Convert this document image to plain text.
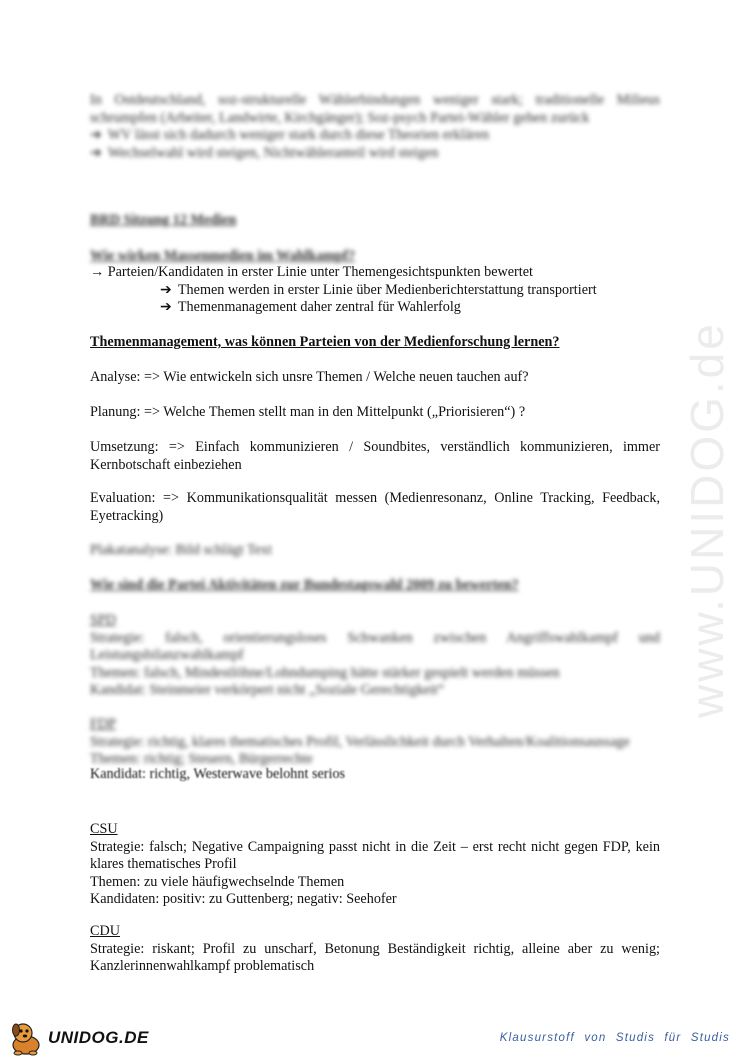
In Ostdeutschland, soz-strukturelle Wählerbindungen weniger stark; traditionelle Milieus schrumpfen (Arbeiter, Landwirte, Kirchgänger); Soz-psych Partei-Wähler gehen zurück
➔ WV lässt sich dadurch weniger stark durch diese Theorien erklären
➔ Wechselwahl wird steigen, Nichtwähleranteil wird steigen
BRD Sitzung 12 Medien
Wie wirken Massenmedien im Wahlkampf?
→ Parteien/Kandidaten in erster Linie unter Themengesichtspunkten bewertet
➔ Themen werden in erster Linie über Medienberichterstattung transportiert
➔ Themenmanagement daher zentral für Wahlerfolg
Themenmanagement, was können Parteien von der Medienforschung lernen?
Analyse: => Wie entwickeln sich unsre Themen / Welche neuen tauchen auf?
Planung: => Welche Themen stellt man in den Mittelpunkt („Priorisieren“) ?
Umsetzung: => Einfach kommunizieren / Soundbites, verständlich kommunizieren, immer Kernbotschaft einbeziehen
Evaluation: => Kommunikationsqualität messen (Medienresonanz, Online Tracking, Feedback, Eyetracking)
Plakatanalyse: Bild schlägt Text
Wie sind die Partei Aktivitäten zur Bundestagswahl 2009 zu bewerten?
SPD
Strategie: falsch, orientierungsloses Schwanken zwischen Angriffswahlkampf und Leistungsbilanzwahlkampf
Themen: falsch, Mindestlöhne/Lohndumping hätte stärker gespielt werden müssen
Kandidat: Steinmeier verkörpert nicht „Soziale Gerechtigkeit“
FDP
Strategie: richtig, klares thematisches Profil, Verlässlichkeit durch Verhalten/Koalitionsaussage
Themen: richtig; Steuern, Bürgerrechte
Kandidat: richtig, Westerwave belohnt serios
CSU
Strategie: falsch; Negative Campaigning passt nicht in die Zeit – erst recht nicht gegen FDP, kein klares thematisches Profil
Themen: zu viele häufigwechselnde Themen
Kandidaten: positiv: zu Guttenberg; negativ: Seehofer
CDU
Strategie: riskant; Profil zu unscharf, Betonung Beständigkeit richtig, alleine aber zu wenig; Kanzlerinnenwahlkampf problematisch
www.UNIDOG.de
UNIDOG.DE	Klausurstoff von Studis für Studis
